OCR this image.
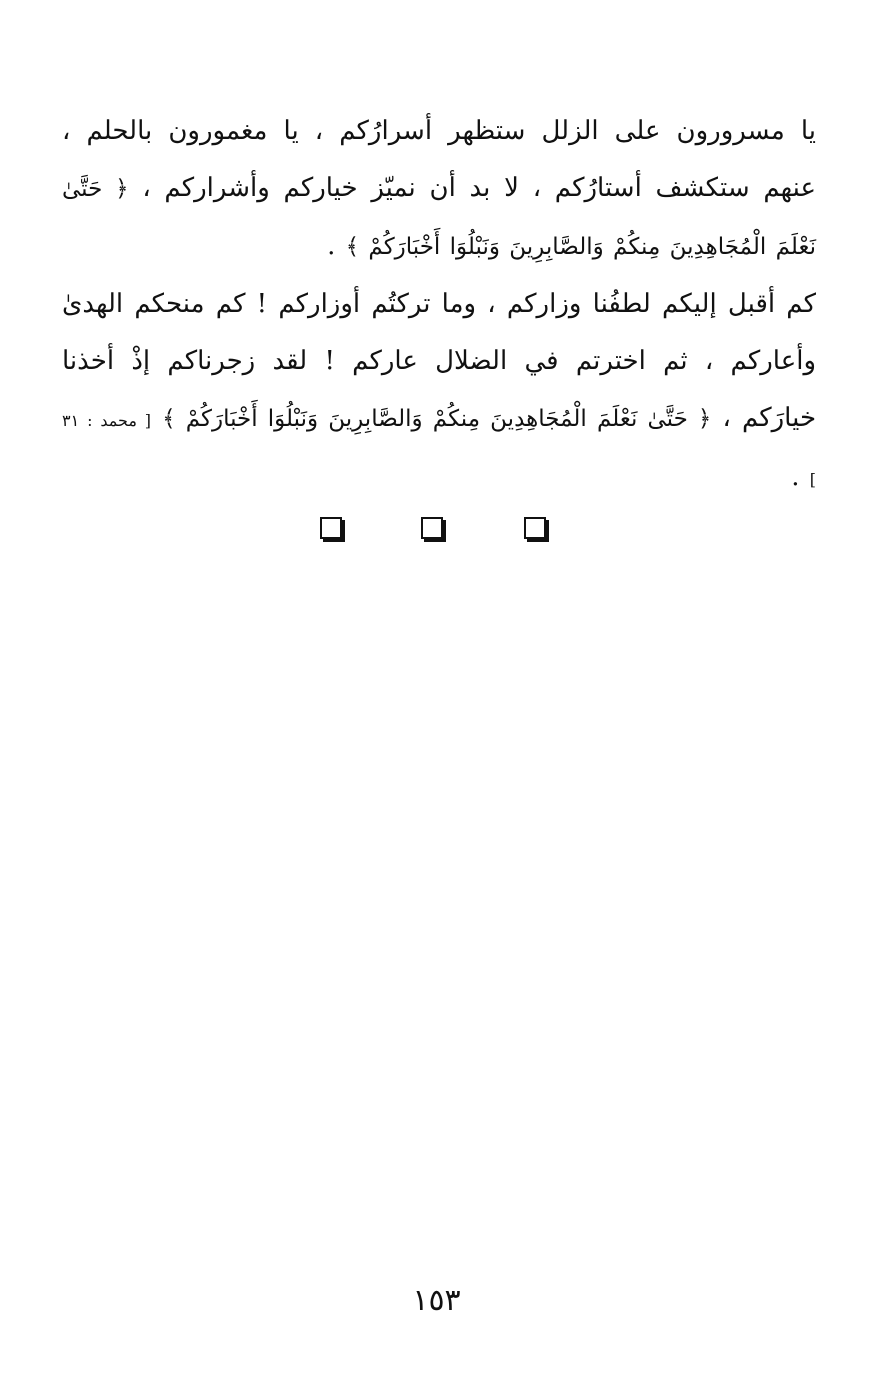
يا مسرورون على الزلل ستظهر أسرارُكم ، يا مغمورون بالحلم ، عنهم ستكشف أستارُكم ، لا بد أن نميّز خياركم وأشراركم ، ﴿ حَتَّىٰ نَعْلَمَ الْمُجَاهِدِينَ مِنكُمْ وَالصَّابِرِينَ وَنَبْلُوَا أَخْبَارَكُمْ ﴾ .
كم أقبل إليكم لطفُنا وزاركم ، وما تركتُم أوزاركم ! كم منحكم الهدىٰ وأعاركم ، ثم اخترتم في الضلال عاركم ! لقد زجرناكم إذْ أخذنا خيارَكم ، ﴿ حَتَّىٰ نَعْلَمَ الْمُجَاهِدِينَ مِنكُمْ وَالصَّابِرِينَ وَنَبْلُوَا أَخْبَارَكُمْ ﴾ [ محمد : ٣١ ] .
١٥٣
